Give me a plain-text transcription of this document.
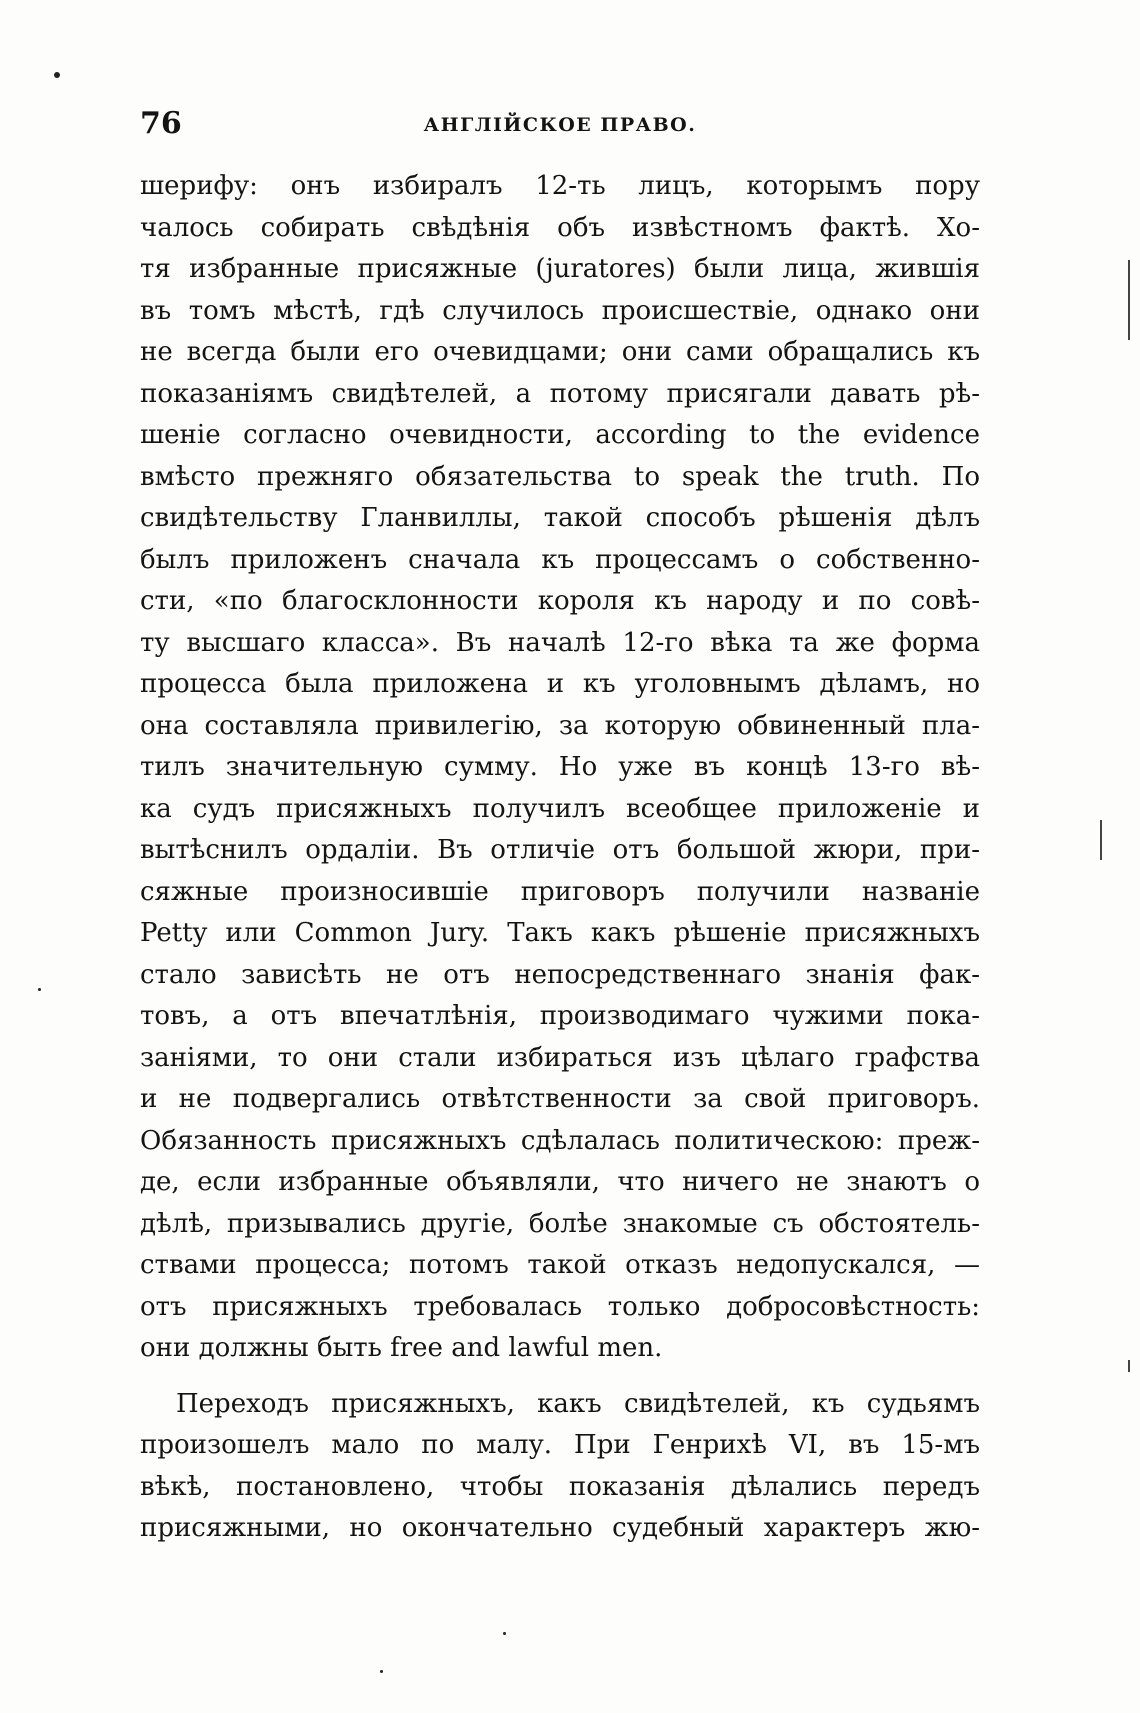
76	АНГЛІЙСКОЕ ПРАВО.
шерифу: онъ избиралъ 12-ть лицъ, которымъ пору
чалось собирать свѣдѣнія объ извѣстномъ фактѣ. Хо-
тя избранные присяжные (juratores) были лица, жившія
въ томъ мѣстѣ, гдѣ случилось происшествіе, однако они
не всегда были его очевидцами; они сами обращались къ
показаніямъ свидѣтелей, а потому присягали давать рѣ-
шеніе согласно очевидности, according to the evidence
вмѣсто прежняго обязательства to speak the truth. По
свидѣтельству Гланвиллы, такой способъ рѣшенія дѣлъ
былъ приложенъ сначала къ процессамъ о собственно-
сти, «по благосклонности короля къ народу и по совѣ-
ту высшаго класса». Въ началѣ 12-го вѣка та же форма
процесса была приложена и къ уголовнымъ дѣламъ, но
она составляла привилегію, за которую обвиненный пла-
тилъ значительную сумму. Но уже въ концѣ 13-го вѣ-
ка судъ присяжныхъ получилъ всеобщее приложеніе и
вытѣснилъ ордаліи. Въ отличіе отъ большой жюри, при-
сяжные произносившіе приговоръ получили названіе
Petty или Common Jury. Такъ какъ рѣшеніе присяжныхъ
стало зависѣть не отъ непосредственнаго знанія фак-
товъ, а отъ впечатлѣнія, производимаго чужими пока-
заніями, то они стали избираться изъ цѣлаго графства
и не подвергались отвѣтственности за свой приговоръ.
Обязанность присяжныхъ сдѣлалась политическою: преж-
де, если избранные объявляли, что ничего не знаютъ о
дѣлѣ, призывались другіе, болѣе знакомые съ обстоятель-
ствами процесса; потомъ такой отказъ недопускался, —
отъ присяжныхъ требовалась только добросовѣстность:
они должны быть free and lawful men.
Переходъ присяжныхъ, какъ свидѣтелей, къ судьямъ
произошелъ мало по малу. При Генрихѣ VI, въ 15-мъ
вѣкѣ, постановлено, чтобы показанія дѣлались передъ
присяжными, но окончательно судебный характеръ жю-
